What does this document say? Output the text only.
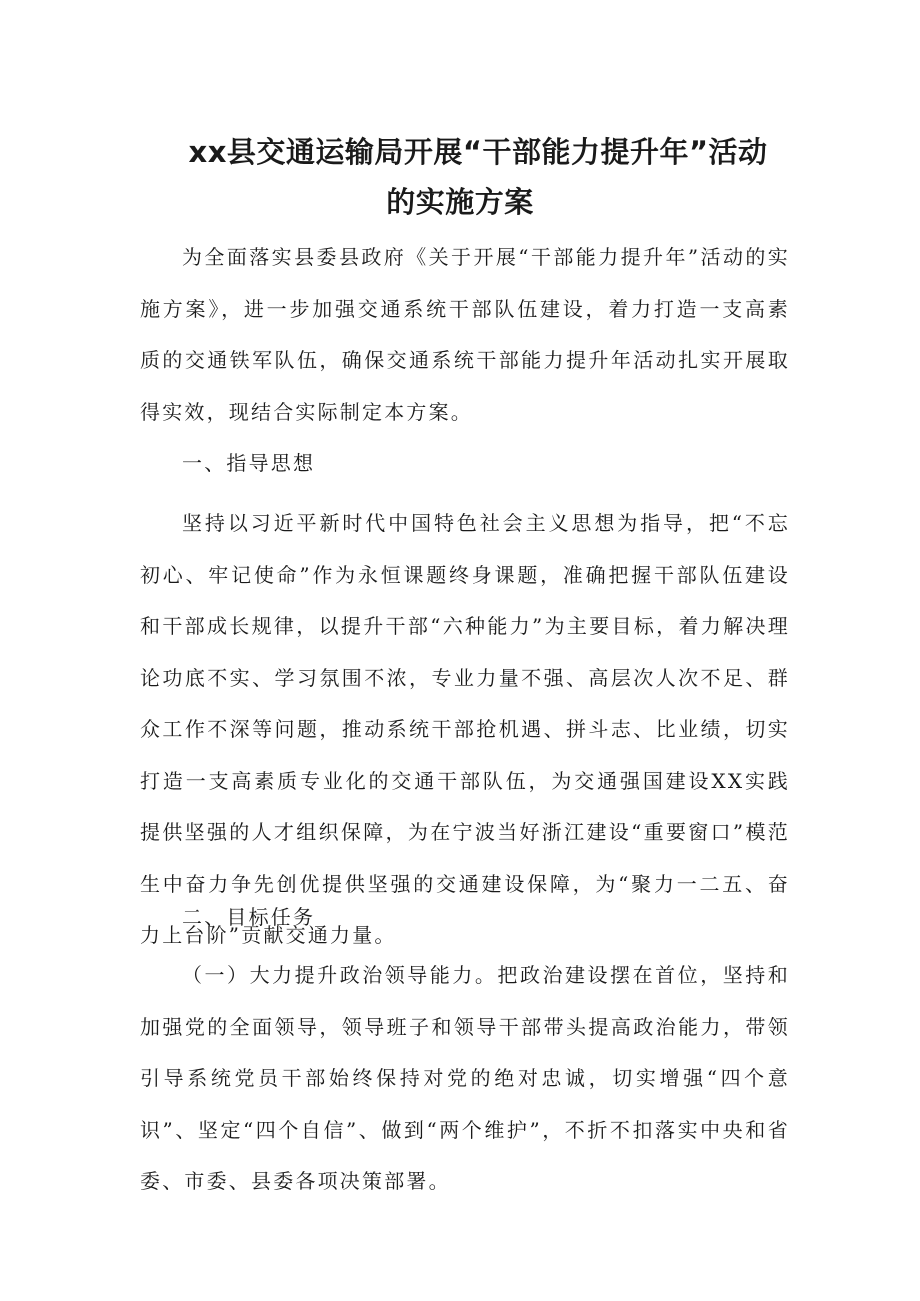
xx县交通运输局开展“干部能力提升年”活动
的实施方案

为全面落实县委县政府《关于开展“干部能力提升年”活动的实施方案》，进一步加强交通系统干部队伍建设，着力打造一支高素质的交通铁军队伍，确保交通系统干部能力提升年活动扎实开展取得实效，现结合实际制定本方案。

一、指导思想

坚持以习近平新时代中国特色社会主义思想为指导，把“不忘初心、牢记使命”作为永恒课题终身课题，准确把握干部队伍建设和干部成长规律，以提升干部“六种能力”为主要目标，着力解决理论功底不实、学习氛围不浓，专业力量不强、高层次人次不足、群众工作不深等问题，推动系统干部抢机遇、拼斗志、比业绩，切实打造一支高素质专业化的交通干部队伍，为交通强国建设XX实践提供坚强的人才组织保障，为在宁波当好浙江建设“重要窗口”模范生中奋力争先创优提供坚强的交通建设保障，为“聚力一二五、奋力上台阶”贡献交通力量。

二、目标任务

（一）大力提升政治领导能力。把政治建设摆在首位，坚持和加强党的全面领导，领导班子和领导干部带头提高政治能力，带领引导系统党员干部始终保持对党的绝对忠诚，切实增强“四个意识”、坚定“四个自信”、做到“两个维护”，不折不扣落实中央和省委、市委、县委各项决策部署。
